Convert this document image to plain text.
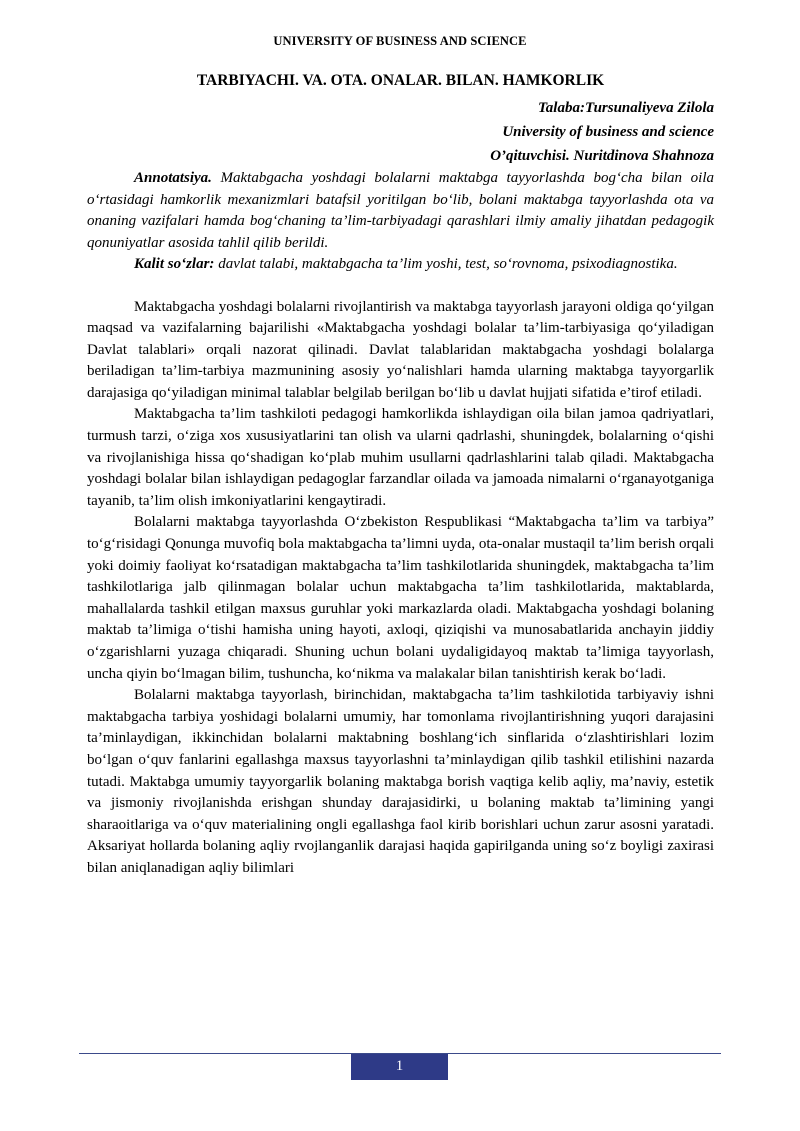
UNIVERSITY OF BUSINESS AND SCIENCE
TARBIYACHI. VA. OTA. ONALAR. BILAN. HAMKORLIK
Talaba:Tursunaliyeva Zilola
University of business and science
O’qituvchisi. Nuritdinova Shahnoza

Annotatsiya. Maktabgacha yoshdagi bolalarni maktabga tayyorlashda bog‘cha bilan oila o‘rtasidagi hamkorlik mexanizmlari batafsil yoritilgan bo‘lib, bolani maktabga tayyorlashda ota va onaning vazifalari hamda bog‘chaning ta’lim-tarbiyadagi qarashlari ilmiy amaliy jihatdan pedagogik qonuniyatlar asosida tahlil qilib berildi.

Kalit so‘zlar: davlat talabi, maktabgacha ta’lim yoshi, test, so‘rovnoma, psixodiagnostika.

Maktabgacha yoshdagi bolalarni rivojlantirish va maktabga tayyorlash jarayoni oldiga qo‘yilgan maqsad va vazifalarning bajarilishi «Maktabgacha yoshdagi bolalar ta’lim-tarbiyasiga qo‘yiladigan Davlat talablari» orqali nazorat qilinadi. Davlat talablaridan maktabgacha yoshdagi bolalarga beriladigan ta’lim-tarbiya mazmunining asosiy yo‘nalishlari hamda ularning maktabga tayyorgarlik darajasiga qo‘yiladigan minimal talablar belgilab berilgan bo‘lib u davlat hujjati sifatida e’tirof etiladi.

Maktabgacha ta’lim tashkiloti pedagogi hamkorlikda ishlaydigan oila bilan jamoa qadriyatlari, turmush tarzi, o‘ziga xos xususiyatlarini tan olish va ularni qadrlashi, shuningdek, bolalarning o‘qishi va rivojlanishiga hissa qo‘shadigan ko‘plab muhim usullarni qadrlashlarini talab qiladi. Maktabgacha yoshdagi bolalar bilan ishlaydigan pedagoglar farzandlar oilada va jamoada nimalarni o‘rganayotganiga tayanib, ta’lim olish imkoniyatlarini kengaytiradi.

Bolalarni maktabga tayyorlashda O‘zbekiston Respublikasi “Maktabgacha ta’lim va tarbiya” to‘g‘risidagi Qonunga muvofiq bola maktabgacha ta’limni uyda, ota-onalar mustaqil ta’lim berish orqali yoki doimiy faoliyat ko‘rsatadigan maktabgacha ta’lim tashkilotlarida shuningdek, maktabgacha ta’lim tashkilotlariga jalb qilinmagan bolalar uchun maktabgacha ta’lim tashkilotlarida, maktablarda, mahallalarda tashkil etilgan maxsus guruhlar yoki markazlarda oladi. Maktabgacha yoshdagi bolaning maktab ta’limiga o‘tishi hamisha uning hayoti, axloqi, qiziqishi va munosabatlarida anchayin jiddiy o‘zgarishlarni yuzaga chiqaradi. Shuning uchun bolani uydaligidayoq maktab ta’limiga tayyorlash, uncha qiyin bo‘lmagan bilim, tushuncha, ko‘nikma va malakalar bilan tanishtirish kerak bo‘ladi.

Bolalarni maktabga tayyorlash, birinchidan, maktabgacha ta’lim tashkilotida tarbiyaviy ishni maktabgacha tarbiya yoshidagi bolalarni umumiy, har tomonlama rivojlantirishning yuqori darajasini ta’minlaydigan, ikkinchidan bolalarni maktabning boshlang‘ich sinflarida o‘zlashtirishlari lozim bo‘lgan o‘quv fanlarini egallashga maxsus tayyorlashni ta’minlaydigan qilib tashkil etilishini nazarda tutadi. Maktabga umumiy tayyorgarlik bolaning maktabga borish vaqtiga kelib aqliy, ma’naviy, estetik va jismoniy rivojlanishda erishgan shunday darajasidirki, u bolaning maktab ta’limining yangi sharaoitlariga va o‘quv materialining ongli egallashga faol kirib borishlari uchun zarur asosni yaratadi. Aksariyat hollarda bolaning aqliy rvojlanganlik darajasi haqida gapirilganda uning so‘z boyligi zaxirasi bilan aniqlanadigan aqliy bilimlari

1
